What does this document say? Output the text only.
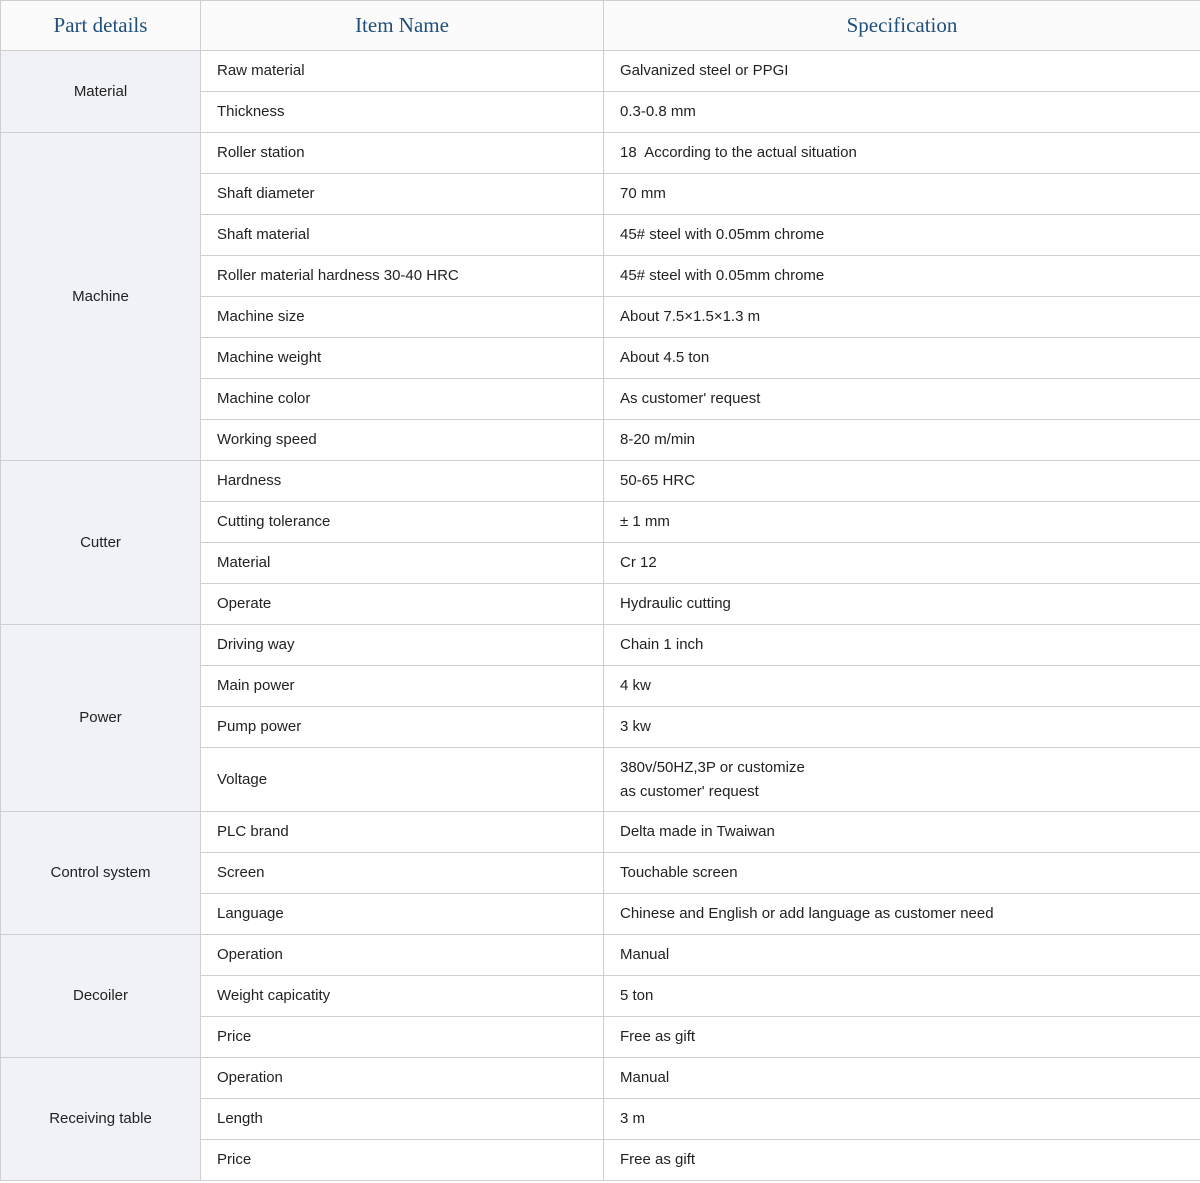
Part details	Item Name	Specification
Material	Raw material	Galvanized steel or PPGI
	Thickness	0.3-0.8 mm
Machine	Roller station	18  According to the actual situation
	Shaft diameter	70 mm
	Shaft material	45# steel with 0.05mm chrome
	Roller material hardness 30-40 HRC	45# steel with 0.05mm chrome
	Machine size	About 7.5×1.5×1.3 m
	Machine weight	About 4.5 ton
	Machine color	As customer' request
	Working speed	8-20 m/min
Cutter	Hardness	50-65 HRC
	Cutting tolerance	± 1 mm
	Material	Cr 12
	Operate	Hydraulic cutting
Power	Driving way	Chain 1 inch
	Main power	4 kw
	Pump power	3 kw
	Voltage	380v/50HZ,3P or customize
as customer' request

Control system	PLC brand	Delta made in Twaiwan
	Screen	Touchable screen
	Language	Chinese and English or add language as customer need
Decoiler	Operation	Manual
	Weight capicatity	5 ton
	Price	Free as gift
Receiving table	Operation	Manual
	Length	3 m
	Price	Free as gift
